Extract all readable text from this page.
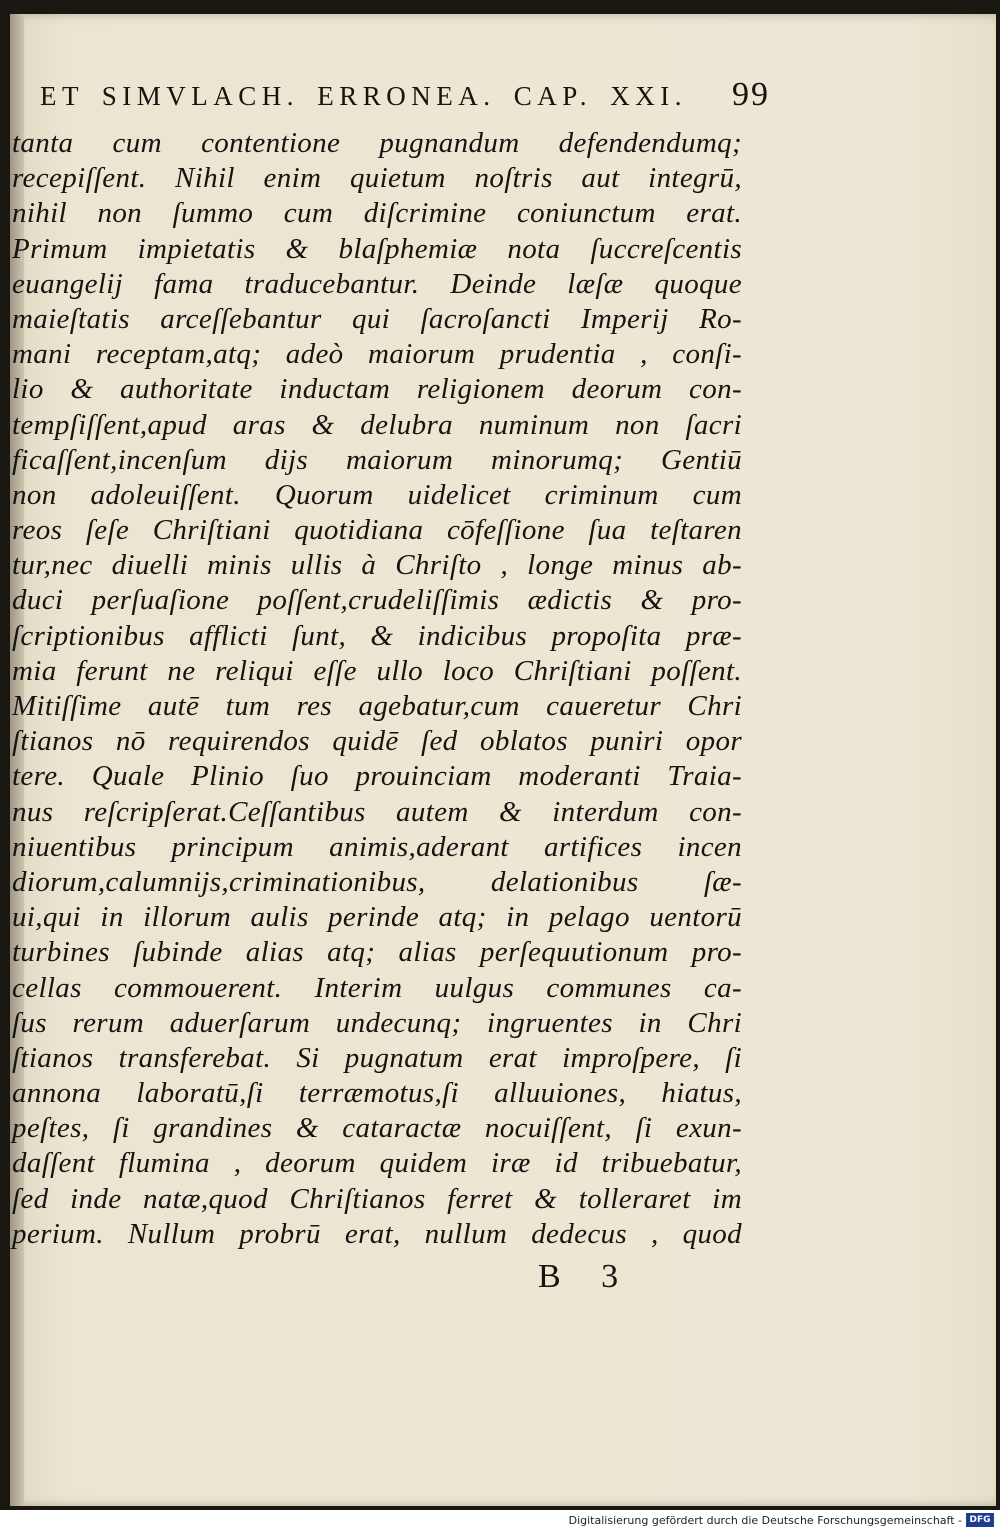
ET SIMVLACH. ERRONEA. CAP. XXI. 99
tanta cum contentione pugnandum defendendumq;
recepiſſent. Nihil enim quietum noſtris aut integrū,
nihil non ſummo cum diſcrimine coniunctum erat.
Primum impietatis & blaſphemiæ nota ſuccreſcentis
euangelij fama traducebantur. Deinde læſæ quoque
maieſtatis arceſſebantur qui ſacroſancti Imperij Ro-
mani receptam,atq; adeò maiorum prudentia , conſi-
lio & authoritate inductam religionem deorum con-
tempſiſſent,apud aras & delubra numinum non ſacri
ficaſſent,incenſum dijs maiorum minorumq; Gentiū
non adoleuiſſent. Quorum uidelicet criminum cum
reos ſeſe Chriſtiani quotidiana cōfeſſione ſua teſtaren
tur,nec diuelli minis ullis à Chriſto , longe minus ab-
duci perſuaſione poſſent,crudeliſſimis ædictis & pro-
ſcriptionibus afflicti ſunt, & indicibus propoſita præ-
mia ferunt ne reliqui eſſe ullo loco Chriſtiani poſſent.
Mitiſſime autē tum res agebatur,cum caueretur Chri
ſtianos nō requirendos quidē ſed oblatos puniri opor
tere. Quale Plinio ſuo prouinciam moderanti Traia-
nus reſcripſerat.Ceſſantibus autem & interdum con-
niuentibus principum animis,aderant artifices incen
diorum,calumnijs,criminationibus, delationibus ſæ-
ui,qui in illorum aulis perinde atq; in pelago uentorū
turbines ſubinde alias atq; alias perſequutionum pro-
cellas commouerent. Interim uulgus communes ca-
ſus rerum aduerſarum undecunq; ingruentes in Chri
ſtianos transferebat. Si pugnatum erat improſpere, ſi
annona laboratū,ſi terræmotus,ſi alluuiones, hiatus,
peſtes, ſi grandines & cataractæ nocuiſſent, ſi exun-
daſſent flumina , deorum quidem iræ id tribuebatur,
ſed inde natæ,quod Chriſtianos ferret & tolleraret im
perium. Nullum probrū erat, nullum dedecus , quod
B 3
Digitalisierung gefördert durch die Deutsche Forschungsgemeinschaft - DFG
